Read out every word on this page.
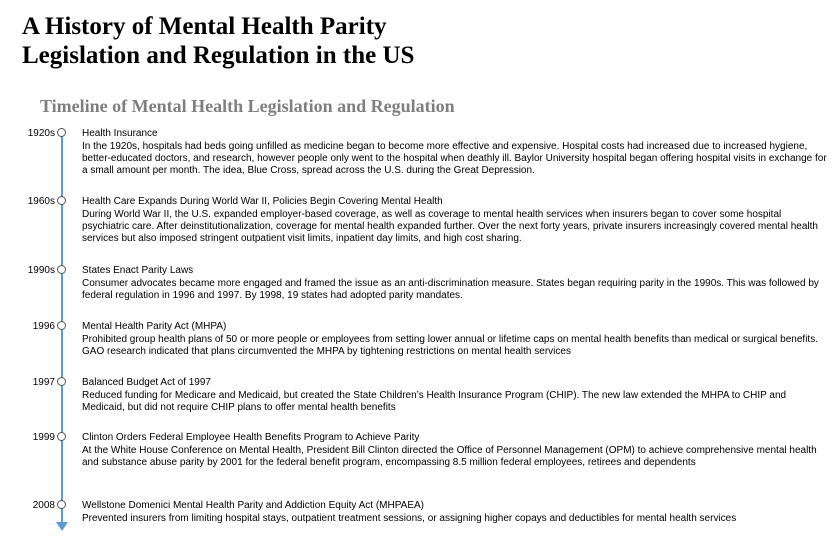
A History of Mental Health Parity
Legislation and Regulation in the US
Timeline of Mental Health Legislation and Regulation
1920s	Health Insurance
In the 1920s, hospitals had beds going unfilled as medicine began to become more effective and expensive. Hospital costs had increased due to increased hygiene, better-educated doctors, and research, however people only went to the hospital when deathly ill. Baylor University hospital began offering hospital visits in exchange for a small amount per month. The idea, Blue Cross, spread across the U.S. during the Great Depression.
1960s	Health Care Expands During World War II, Policies Begin Covering Mental Health
During World War II, the U.S. expanded employer-based coverage, as well as coverage to mental health services when insurers began to cover some hospital psychiatric care. After deinstitutionalization, coverage for mental health expanded further. Over the next forty years, private insurers increasingly covered mental health services but also imposed stringent outpatient visit limits, inpatient day limits, and high cost sharing.
1990s	States Enact Parity Laws
Consumer advocates became more engaged and framed the issue as an anti-discrimination measure. States began requiring parity in the 1990s. This was followed by federal regulation in 1996 and 1997. By 1998, 19 states had adopted parity mandates.
1996	Mental Health Parity Act (MHPA)
Prohibited group health plans of 50 or more people or employees from setting lower annual or lifetime caps on mental health benefits than medical or surgical benefits. GAO research indicated that plans circumvented the MHPA by tightening restrictions on mental health services
1997	Balanced Budget Act of 1997
Reduced funding for Medicare and Medicaid, but created the State Children’s Health Insurance Program (CHIP). The new law extended the MHPA to CHIP and Medicaid, but did not require CHIP plans to offer mental health benefits
1999	Clinton Orders Federal Employee Health Benefits Program to Achieve Parity
At the White House Conference on Mental Health, President Bill Clinton directed the Office of Personnel Management (OPM) to achieve comprehensive mental health and substance abuse parity by 2001 for the federal benefit program, encompassing 8.5 million federal employees, retirees and dependents
2008	Wellstone Domenici Mental Health Parity and Addiction Equity Act (MHPAEA)
Prevented insurers from limiting hospital stays, outpatient treatment sessions, or assigning higher copays and deductibles for mental health services
